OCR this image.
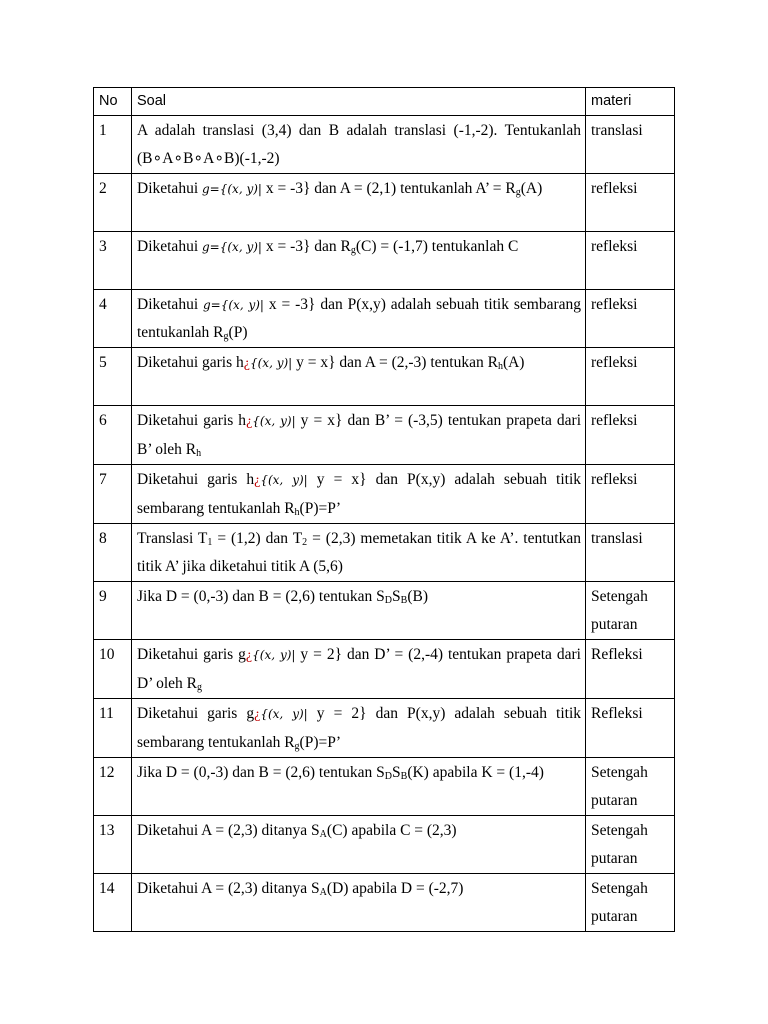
No	Soal	materi
1	A adalah translasi (3,4) dan B adalah translasi (-1,-2). Tentukanlah (B∘A∘B∘A∘B)(-1,-2)	translasi
2	Diketahui g={(x, y)| x = -3} dan A = (2,1) tentukanlah A’ = $R_g(A)$	refleksi
3	Diketahui g={(x, y)| x = -3} dan $R_g(C) = (-1,7)$ tentukanlah C	refleksi
4	Diketahui g={(x, y)| x = -3} dan P(x,y) adalah sebuah titik sembarang tentukanlah $R_g(P)$	refleksi
5	Diketahui garis h¿{(x, y)| y = x} dan A = (2,-3) tentukan $R_h(A)$	refleksi
6	Diketahui garis h¿{(x, y)| y = x} dan B’ = (-3,5) tentukan prapeta dari B’ oleh $R_h$	refleksi
7	Diketahui garis h¿{(x, y)| y = x} dan P(x,y) adalah sebuah titik sembarang tentukanlah $R_h(P)=P$’	refleksi
8	Translasi $T_1 = (1,2)$ dan $T_2 = (2,3)$ memetakan titik A ke A’. tentutkan titik A’ jika diketahui titik A (5,6)	translasi
9	Jika D = (0,-3) dan B = (2,6) tentukan $S_DS_B(B)$	Setengah putaran
10	Diketahui garis g¿{(x, y)| y = 2} dan D’ = (2,-4) tentukan prapeta dari D’ oleh $R_g$	Refleksi
11	Diketahui garis g¿{(x, y)| y = 2} dan P(x,y) adalah sebuah titik sembarang tentukanlah $R_g(P)=P$’	Refleksi
12	Jika D = (0,-3) dan B = (2,6) tentukan $S_DS_B(K)$ apabila K = (1,-4)	Setengah putaran
13	Diketahui A = (2,3) ditanya $S_A(C)$ apabila C = (2,3)	Setengah putaran
14	Diketahui A = (2,3) ditanya $S_A(D)$ apabila D = (-2,7)	Setengah putaran
